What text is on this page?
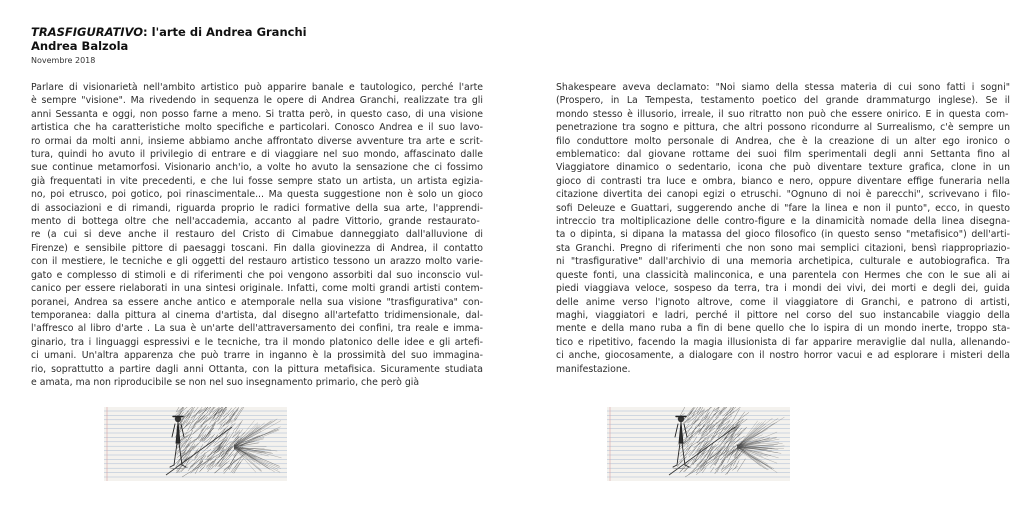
TRASFIGURATIVO: l'arte di Andrea Granchi
Andrea Balzola
Novembre 2018
Parlare di visionarietà nell'ambito artistico può apparire banale e tautologico, perché l'arte
è sempre "visione". Ma rivedendo in sequenza le opere di Andrea Granchi, realizzate tra gli
anni Sessanta e oggi, non posso farne a meno. Si tratta però, in questo caso, di una visione
artistica che ha caratteristiche molto specifiche e particolari. Conosco Andrea e il suo lavo-
ro ormai da molti anni, insieme abbiamo anche affrontato diverse avventure tra arte e scrit-
tura, quindi ho avuto il privilegio di entrare e di viaggiare nel suo mondo, affascinato dalle
sue continue metamorfosi. Visionario anch'io, a volte ho avuto la sensazione che ci fossimo
già frequentati in vite precedenti, e che lui fosse sempre stato un artista, un artista egizia-
no, poi etrusco, poi gotico, poi rinascimentale... Ma questa suggestione non è solo un gioco
di associazioni e di rimandi, riguarda proprio le radici formative della sua arte, l'apprendi-
mento di bottega oltre che nell'accademia, accanto al padre Vittorio, grande restaurato-
re (a cui si deve anche il restauro del Cristo di Cimabue danneggiato dall'alluvione di
Firenze) e sensibile pittore di paesaggi toscani. Fin dalla giovinezza di Andrea, il contatto
con il mestiere, le tecniche e gli oggetti del restauro artistico tessono un arazzo molto varie-
gato e complesso di stimoli e di riferimenti che poi vengono assorbiti dal suo inconscio vul-
canico per essere rielaborati in una sintesi originale. Infatti, come molti grandi artisti contem-
poranei, Andrea sa essere anche antico e atemporale nella sua visione "trasfigurativa" con-
temporanea: dalla pittura al cinema d'artista, dal disegno all'artefatto tridimensionale, dal-
l'affresco al libro d'arte . La sua è un'arte dell'attraversamento dei confini, tra reale e imma-
ginario, tra i linguaggi espressivi e le tecniche, tra il mondo platonico delle idee e gli artefi-
ci umani. Un'altra apparenza che può trarre in inganno è la prossimità del suo immagina-
rio, soprattutto a partire dagli anni Ottanta, con la pittura metafisica. Sicuramente studiata
e amata, ma non riproducibile se non nel suo insegnamento primario, che però già
Shakespeare aveva declamato: "Noi siamo della stessa materia di cui sono fatti i sogni"
(Prospero, in La Tempesta, testamento poetico del grande drammaturgo inglese). Se il
mondo stesso è illusorio, irreale, il suo ritratto non può che essere onirico. E in questa com-
penetrazione tra sogno e pittura, che altri possono ricondurre al Surrealismo, c'è sempre un
filo conduttore molto personale di Andrea, che è la creazione di un alter ego ironico o
emblematico: dal giovane rottame dei suoi film sperimentali degli anni Settanta fino al
Viaggiatore dinamico o sedentario, icona che può diventare texture grafica, clone in un
gioco di contrasti tra luce e ombra, bianco e nero, oppure diventare effige funeraria nella
citazione divertita dei canopi egizi o etruschi. "Ognuno di noi è parecchi", scrivevano i filo-
sofi Deleuze e Guattari, suggerendo anche di "fare la linea e non il punto", ecco, in questo
intreccio tra moltiplicazione delle contro-figure e la dinamicità nomade della linea disegna-
ta o dipinta, si dipana la matassa del gioco filosofico (in questo senso "metafisico") dell'arti-
sta Granchi. Pregno di riferimenti che non sono mai semplici citazioni, bensì riappropriazio-
ni "trasfigurative" dall'archivio di una memoria archetipica, culturale e autobiografica. Tra
queste fonti, una classicità malinconica, e una parentela con Hermes che con le sue ali ai
piedi viaggiava veloce, sospeso da terra, tra i mondi dei vivi, dei morti e degli dei, guida
delle anime verso l'ignoto altrove, come il viaggiatore di Granchi, e patrono di artisti,
maghi, viaggiatori e ladri, perché il pittore nel corso del suo instancabile viaggio della
mente e della mano ruba a fin di bene quello che lo ispira di un mondo inerte, troppo sta-
tico e ripetitivo, facendo la magia illusionista di far apparire meraviglie dal nulla, allenando-
ci anche, giocosamente, a dialogare con il nostro horror vacui e ad esplorare i misteri della
manifestazione.
